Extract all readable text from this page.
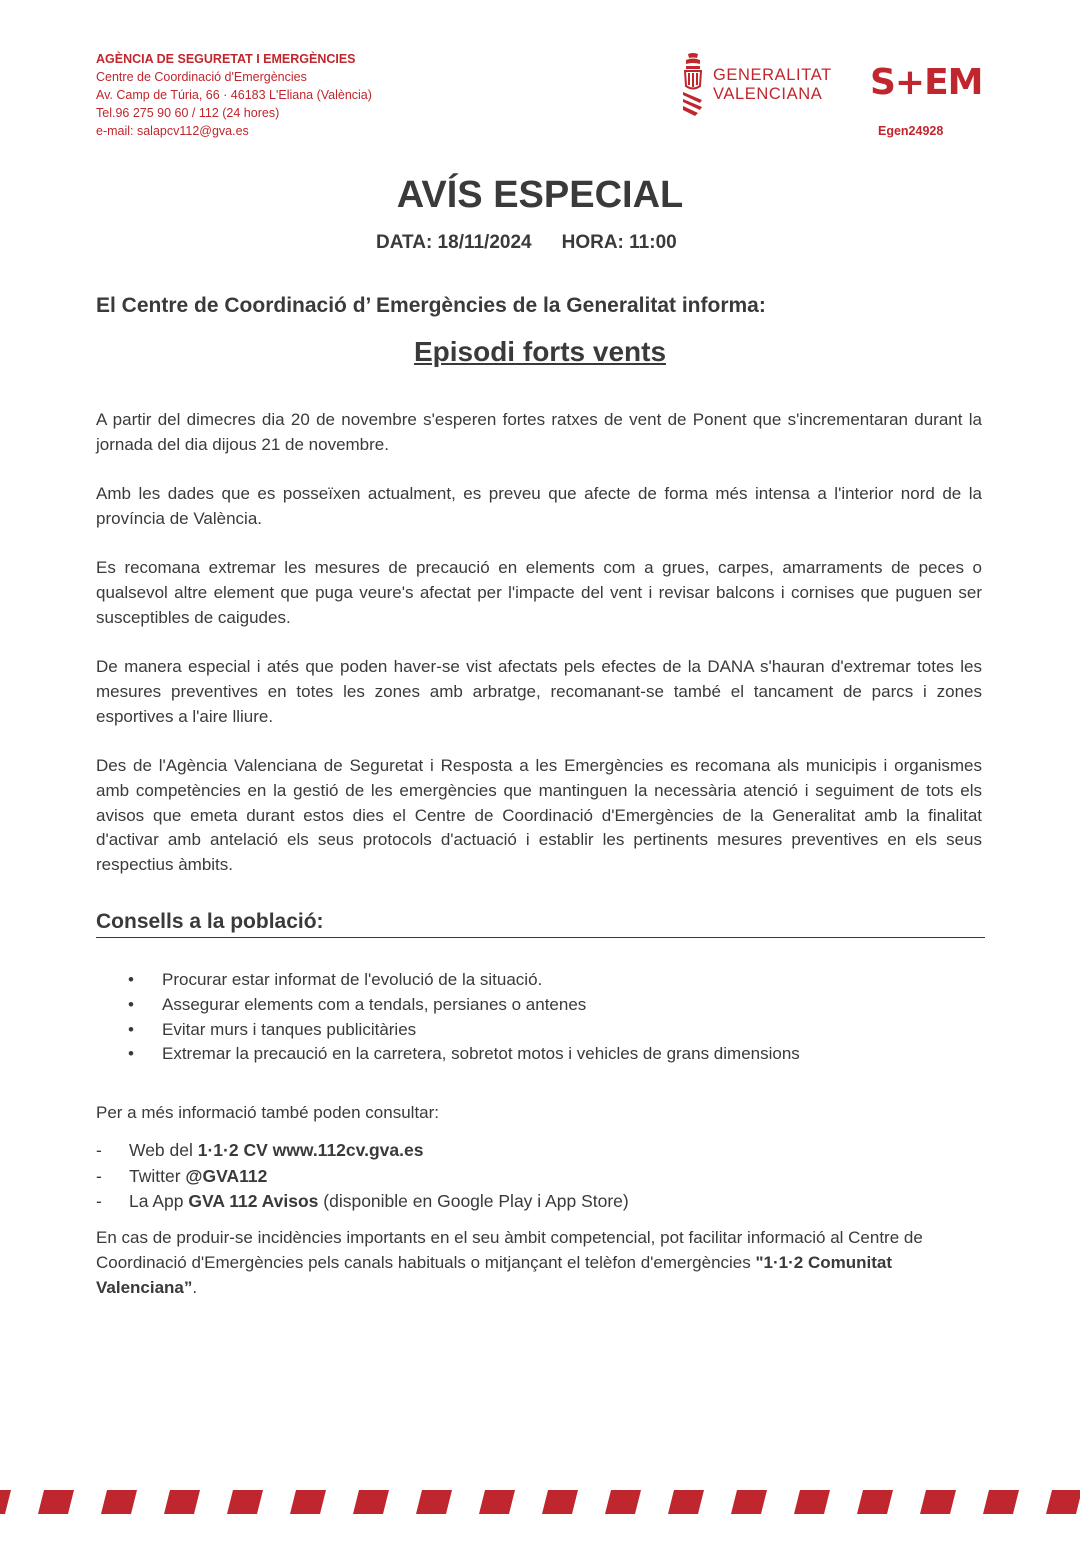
AGÈNCIA DE SEGURETAT I EMERGÈNCIES
Centre de Coordinació d'Emergències
Av. Camp de Túria, 66 · 46183 L'Eliana (València)
Tel.96 275 90 60 / 112 (24 hores)
e-mail: salapcv112@gva.es
GENERALITAT
VALENCIANA S+EM
Egen24928
AVÍS ESPECIAL
DATA: 18/11/2024 HORA: 11:00
El Centre de Coordinació d’ Emergències de la Generalitat informa:
Episodi forts vents

A partir del dimecres dia 20 de novembre s'esperen fortes ratxes de vent de Ponent que s'incrementaran durant la jornada del dia dijous 21 de novembre.

Amb les dades que es posseïxen actualment, es preveu que afecte de forma més intensa a l'interior nord de la província de València.

Es recomana extremar les mesures de precaució en elements com a grues, carpes, amarraments de peces o qualsevol altre element que puga veure's afectat per l'impacte del vent i revisar balcons i cornises que puguen ser susceptibles de caigudes.

De manera especial i atés que poden haver-se vist afectats pels efectes de la DANA s'hauran d'extremar totes les mesures preventives en totes les zones amb arbratge, recomanant-se també el tancament de parcs i zones esportives a l'aire lliure.

Des de l'Agència Valenciana de Seguretat i Resposta a les Emergències es recomana als municipis i organismes amb competències en la gestió de les emergències que mantinguen la necessària atenció i seguiment de tots els avisos que emeta durant estos dies el Centre de Coordinació d'Emergències de la Generalitat amb la finalitat d'activar amb antelació els seus protocols d'actuació i establir les pertinents mesures preventives en els seus respectius àmbits.

Consells a la població:
• Procurar estar informat de l'evolució de la situació.
• Assegurar elements com a tendals, persianes o antenes
• Evitar murs i tanques publicitàries
• Extremar la precaució en la carretera, sobretot motos i vehicles de grans dimensions
Per a més informació també poden consultar:
- Web del 1·1·2 CV www.112cv.gva.es
- Twitter @GVA112
- La App GVA 112 Avisos (disponible en Google Play i App Store)
En cas de produir-se incidències importants en el seu àmbit competencial, pot facilitar informació al Centre de Coordinació d'Emergències pels canals habituals o mitjançant el telèfon d'emergències "1·1·2 Comunitat Valenciana”.
